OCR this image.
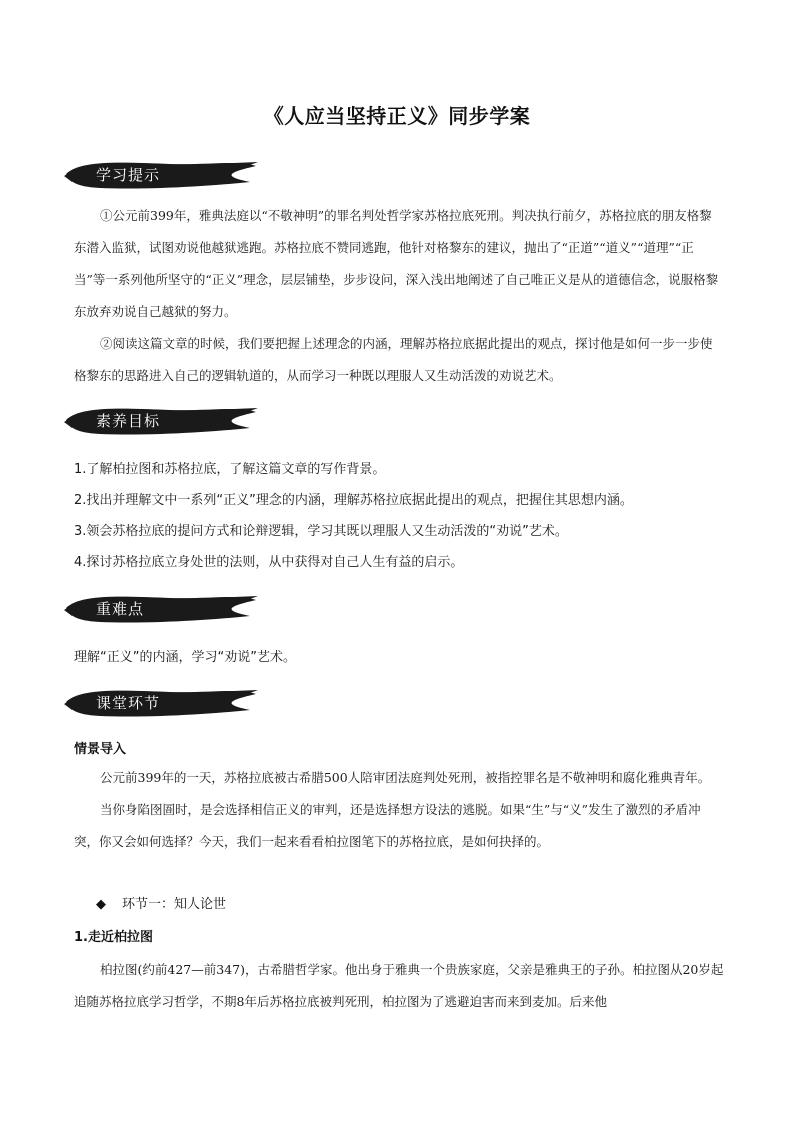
《人应当坚持正义》同步学案
学习提示

①公元前399年，雅典法庭以“不敬神明”的罪名判处哲学家苏格拉底死刑。判决执行前夕，苏格拉底的朋友格黎东潜入监狱，试图劝说他越狱逃跑。苏格拉底不赞同逃跑，他针对格黎东的建议，抛出了“正道”“道义”“道理”“正当”等一系列他所坚守的“正义”理念，层层铺垫，步步设问，深入浅出地阐述了自己唯正义是从的道德信念，说服格黎东放弃劝说自己越狱的努力。

②阅读这篇文章的时候，我们要把握上述理念的内涵，理解苏格拉底据此提出的观点，探讨他是如何一步一步使格黎东的思路进入自己的逻辑轨道的，从而学习一种既以理服人又生动活泼的劝说艺术。

素养目标
1.了解柏拉图和苏格拉底，了解这篇文章的写作背景。
2.找出并理解文中一系列“正义”理念的内涵，理解苏格拉底据此提出的观点，把握住其思想内涵。
3.领会苏格拉底的提问方式和论辩逻辑，学习其既以理服人又生动活泼的“劝说”艺术。
4.探讨苏格拉底立身处世的法则，从中获得对自己人生有益的启示。
重难点
理解“正义”的内涵，学习“劝说”艺术。
课堂环节
情景导入

公元前399年的一天，苏格拉底被古希腊500人陪审团法庭判处死刑，被指控罪名是不敬神明和腐化雅典青年。

当你身陷囹圄时，是会选择相信正义的审判，还是选择想方设法的逃脱。如果“生”与“义”发生了激烈的矛盾冲突，你又会如何选择？今天，我们一起来看看柏拉图笔下的苏格拉底，是如何抉择的。

◆ 环节一：知人论世
1.走近柏拉图

柏拉图(约前427—前347)，古希腊哲学家。他出身于雅典一个贵族家庭，父亲是雅典王的子孙。柏拉图从20岁起追随苏格拉底学习哲学，不期8年后苏格拉底被判死刑，柏拉图为了逃避迫害而来到麦加。后来他
